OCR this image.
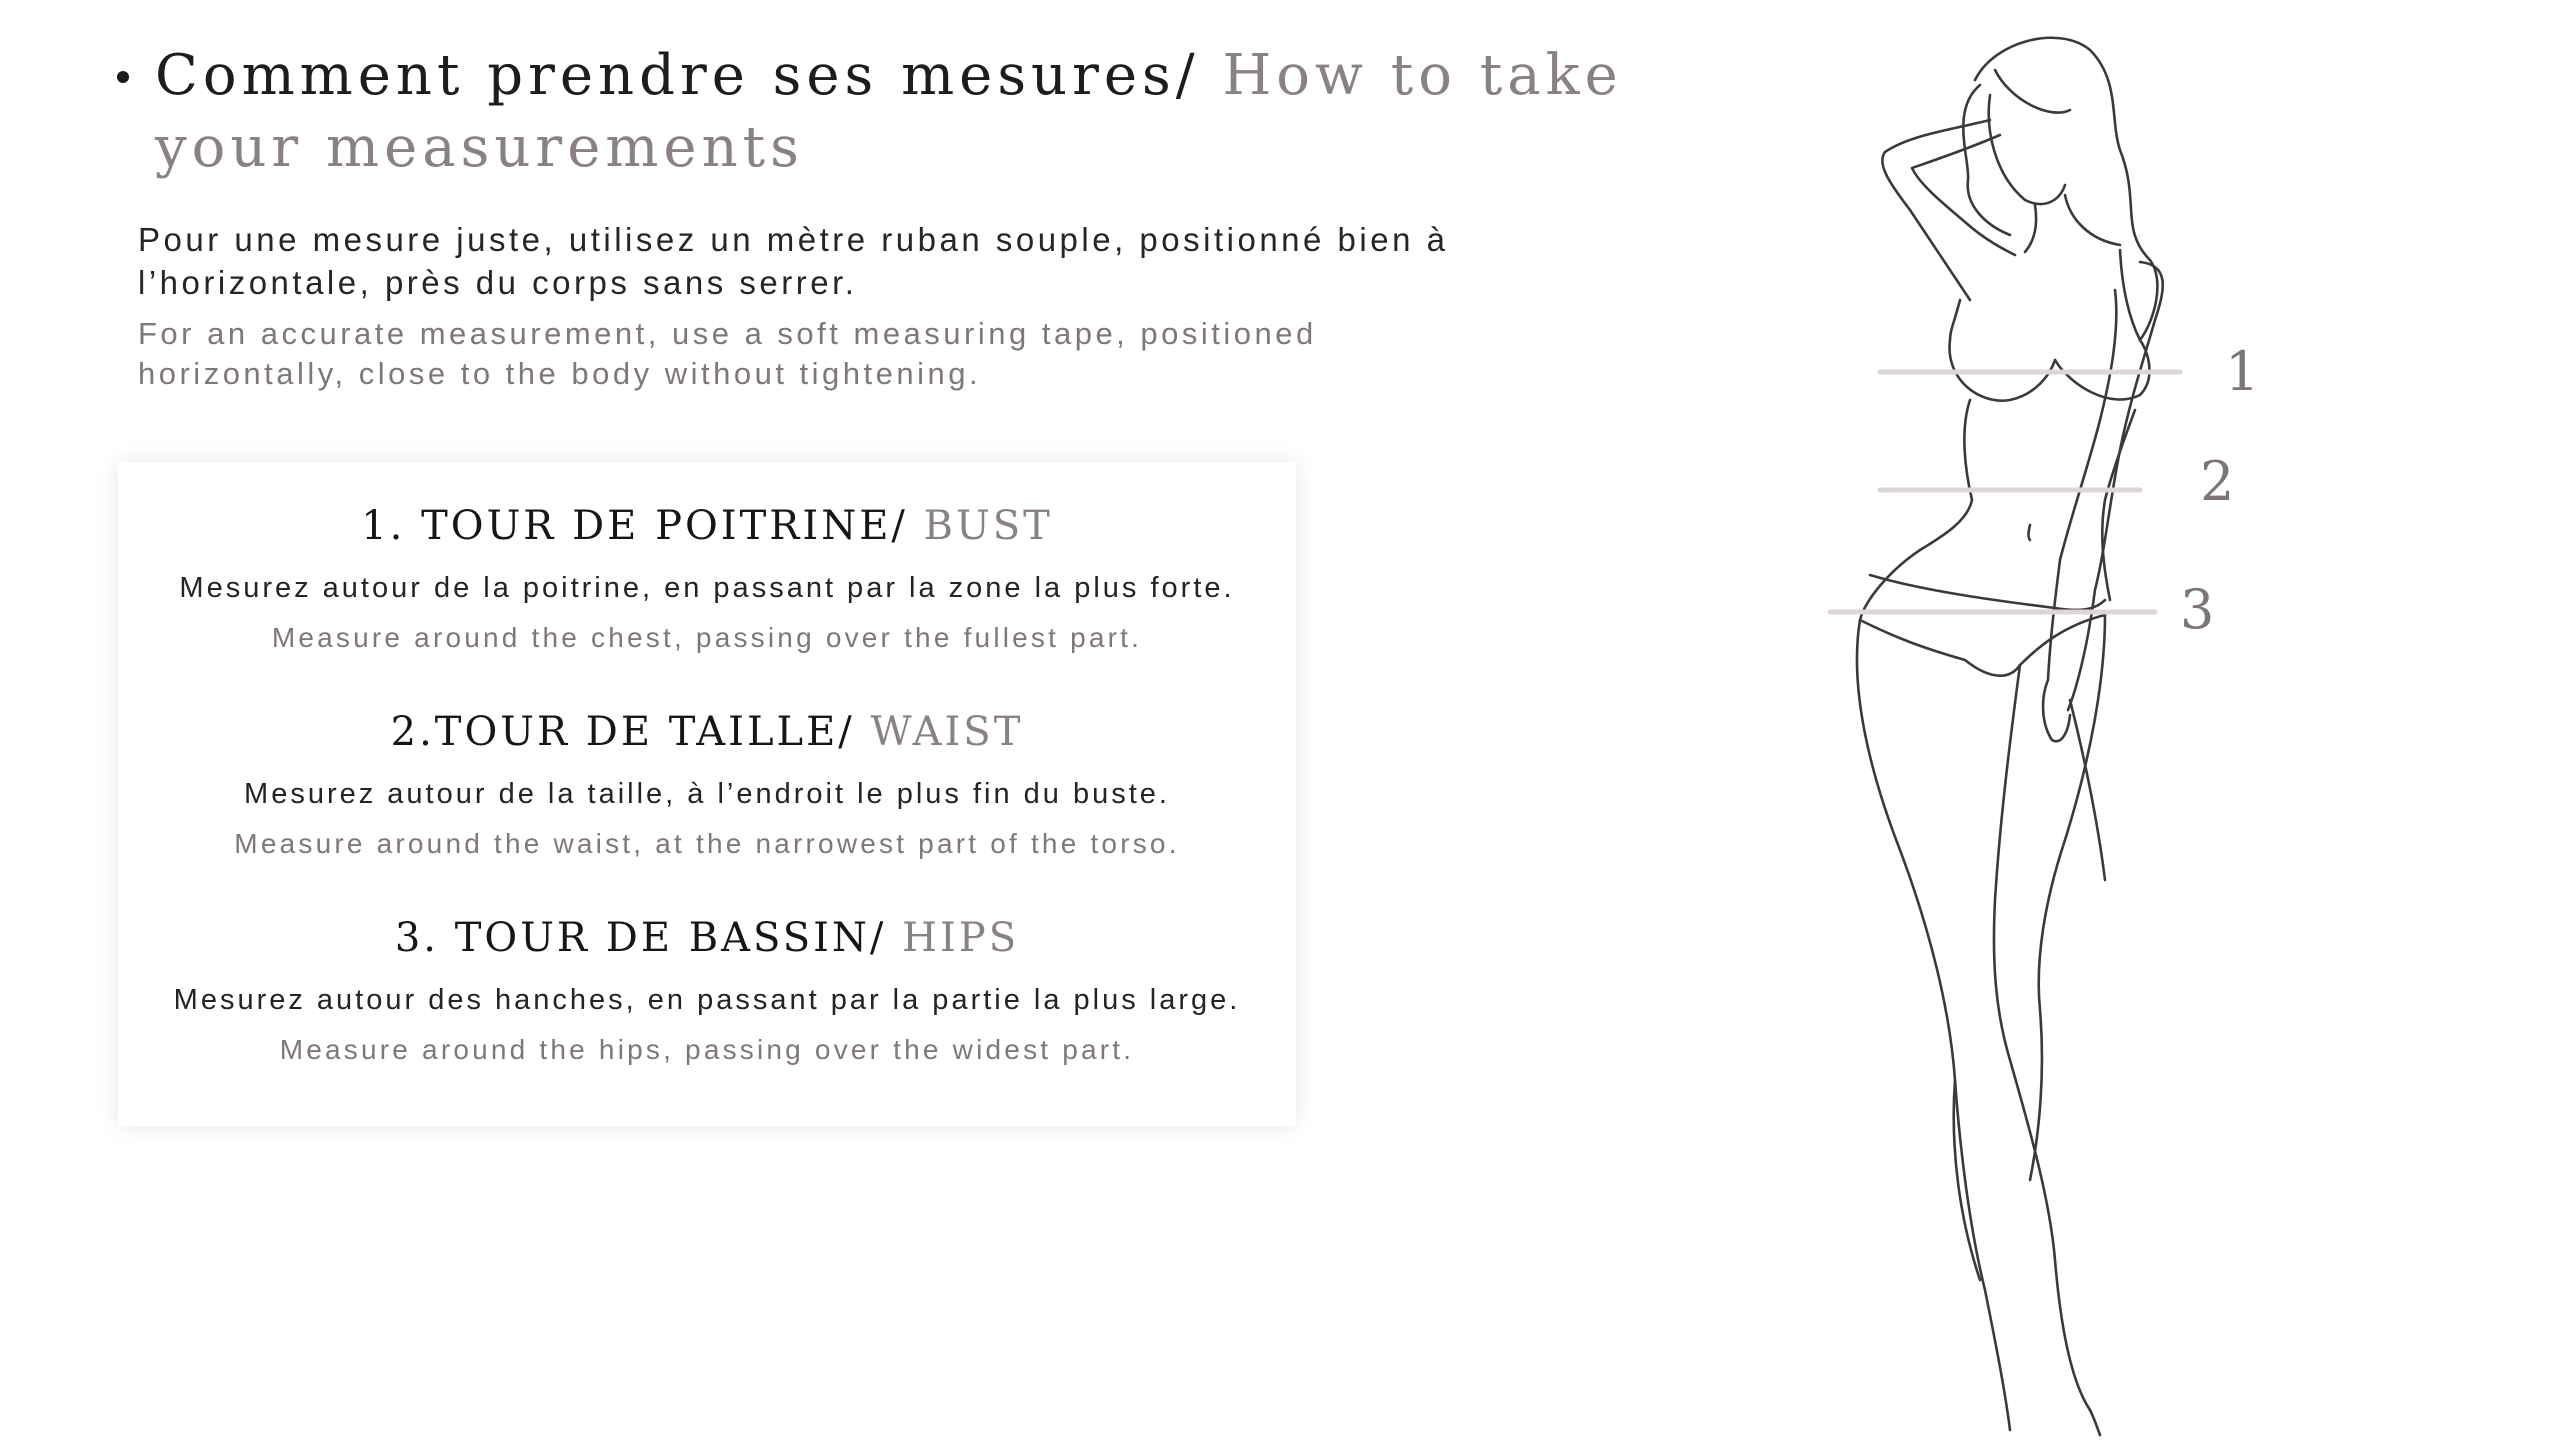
Comment prendre ses mesures/ How to take your measurements
Pour une mesure juste, utilisez un mètre ruban souple, positionné bien à l’horizontale, près du corps sans serrer.
For an accurate measurement, use a soft measuring tape, positioned horizontally, close to the body without tightening.
1. TOUR DE POITRINE/ BUST
Mesurez autour de la poitrine, en passant par la zone la plus forte.
Measure around the chest, passing over the fullest part.
2.TOUR DE TAILLE/ WAIST
Mesurez autour de la taille, à l’endroit le plus fin du buste.
Measure around the waist, at the narrowest part of the torso.
3. TOUR DE BASSIN/ HIPS
Mesurez autour des hanches, en passant par la partie la plus large.
Measure around the hips, passing over the widest part.
1
2
3
